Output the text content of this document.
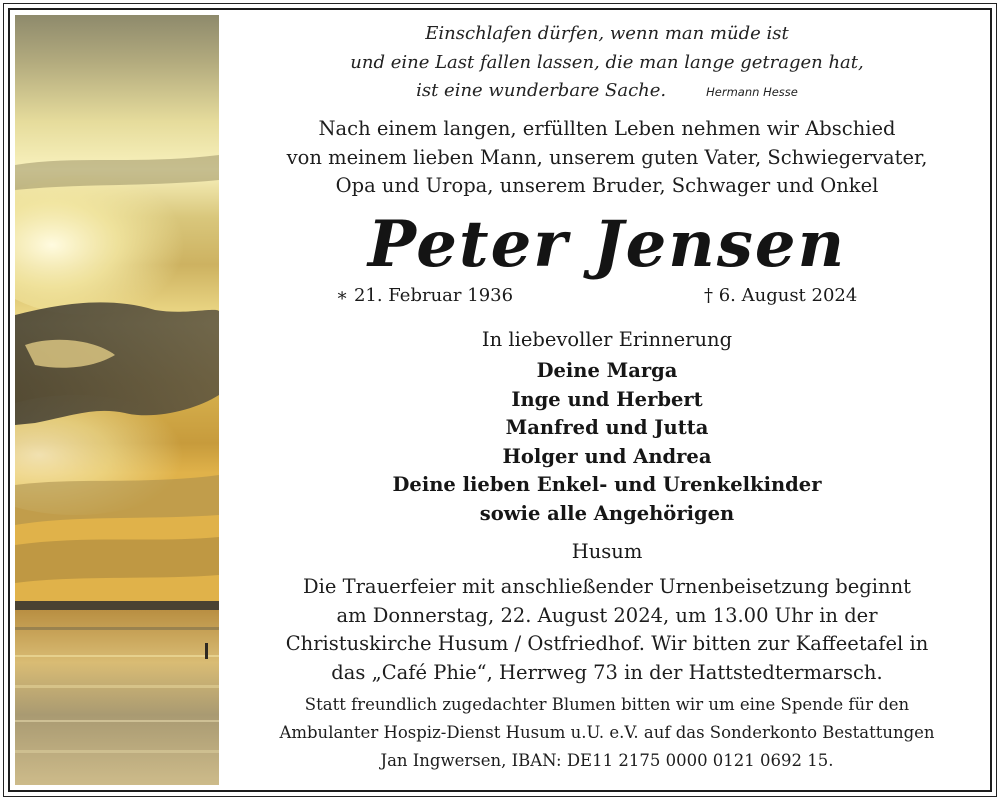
Einschlafen dürfen, wenn man müde ist
und eine Last fallen lassen, die man lange getragen hat,
ist eine wunderbare Sache.	Hermann Hesse
Nach einem langen, erfüllten Leben nehmen wir Abschied
von meinem lieben Mann, unserem guten Vater, Schwiegervater,
Opa und Uropa, unserem Bruder, Schwager und Onkel
Peter Jensen
∗ 21. Februar 1936	† 6. August 2024
In liebevoller Erinnerung
Deine Marga
Inge und Herbert
Manfred und Jutta
Holger und Andrea
Deine lieben Enkel- und Urenkelkinder
sowie alle Angehörigen
Husum
Die Trauerfeier mit anschließender Urnenbeisetzung beginnt
am Donnerstag, 22. August 2024, um 13.00 Uhr in der
Christuskirche Husum / Ostfriedhof. Wir bitten zur Kaffeetafel in
das „Café Phie“, Herrweg 73 in der Hattstedtermarsch.
Statt freundlich zugedachter Blumen bitten wir um eine Spende für den
Ambulanter Hospiz-Dienst Husum u.U. e.V. auf das Sonderkonto Bestattungen
Jan Ingwersen, IBAN: DE11 2175 0000 0121 0692 15.
